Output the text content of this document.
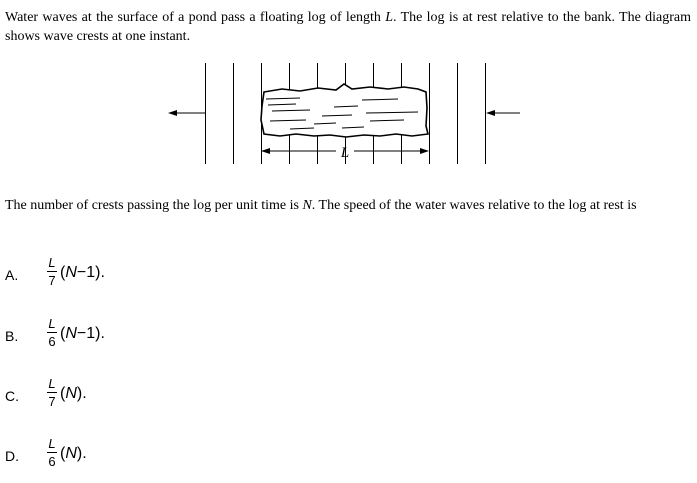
Water waves at the surface of a pond pass a floating log of length L. The log is at rest relative to the bank. The diagram shows wave crests at one instant.

L

The number of crests passing the log per unit time is N. The speed of the water waves relative to the log at rest is

A.
L
7 (N−1).
B.
L
6 (N−1).
C.
L
7 (N).
D.
L
6 (N).
